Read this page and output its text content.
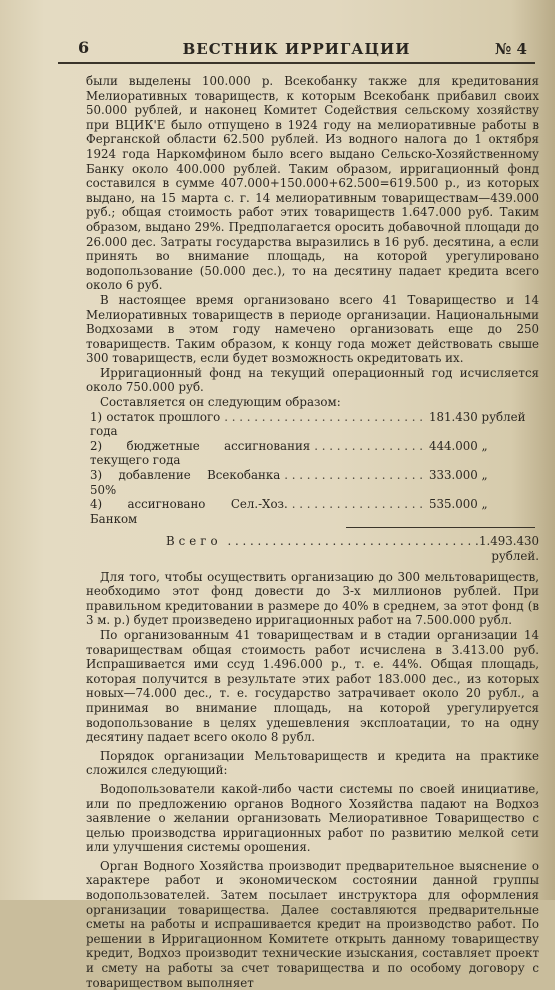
6	ВЕСТНИК ИРРИГАЦИИ	№ 4

были выделены 100.000 р. Всекобанку также для кредитования Мелиоративных товариществ, к которым Всекобанк прибавил своих 50.000 рублей, и наконец Комитет Содействия сельскому хозяйству при ВЦИК'Е было отпущено в 1924 году на мелиоративные работы в Ферганской области 62.500 рублей. Из водного налога до 1 октября 1924 года Наркомфином было всего выдано Сельско-Хозяйственному Банку около 400.000 рублей. Таким образом, ирригационный фонд составился в сумме 407.000+150.000+62.500=619.500 р., из которых выдано, на 15 марта с. г. 14 мелиоративным товариществам—439.000 руб.; общая стоимость работ этих товариществ 1.647.000 руб. Таким образом, выдано 29%. Предполагается оросить добавочной площади до 26.000 дес. Затраты государства выразились в 16 руб. десятина, а если принять во внимание площадь, на которой урегулировано водопользование (50.000 дес.), то на десятину падает кредита всего около 6 руб.

В настоящее время организовано всего 41 Товарищество и 14 Мелиоративных товариществ в периоде организации. Национальными Водхозами в этом году намечено организовать еще до 250 товариществ. Таким образом, к концу года может действовать свыше 300 товариществ, если будет возможность окредитовать их.

Ирригационный фонд на текущий операционный год исчисляется около 750.000 руб.

Составляется он следующим образом:

1) остаток прошлого года
. . . . . . . . . . . . . . . . . . . . . . . . . . . 181.430 рублей
2) бюджетные ассигнования текущего года
. . . . . . . . . . . . . . . 444.000 „
3) добавление Всекобанка 50%
. . . . . . . . . . . . . . . . . . . 333.000 „
4) ассигновано Сел.-Хоз. Банком
. . . . . . . . . . . . . . . . . . 535.000 „
Всего . . . . . . . . . . . . . . . . . . . . . . . . . . . . . . . . . . 1.493.430 рублей.

Для того, чтобы осуществить организацию до 300 мельтовариществ, необходимо этот фонд довести до 3-х миллионов рублей. При правильном кредитовании в размере до 40% в среднем, за этот фонд (в 3 м. р.) будет произведено ирригационных работ на 7.500.000 рубл.

По организованным 41 товариществам и в стадии организации 14 товариществам общая стоимость работ исчислена в 3.413.00 руб. Испрашивается ими ссуд 1.496.000 р., т. е. 44%. Общая площадь, которая получится в результате этих работ 183.000 дес., из которых новых—74.000 дес., т. е. государство затрачивает около 20 рубл., а принимая во внимание площадь, на которой урегулируется водопользование в целях удешевления эксплоатации, то на одну десятину падает всего около 8 рубл.

Порядок организации Мельтовариществ и кредита на практике сложился следующий:

Водопользователи какой-либо части системы по своей инициативе, или по предложению органов Водного Хозяйства падают на Водхоз заявление о желании организовать Мелиоративное Товарищество с целью производства ирригационных работ по развитию мелкой сети или улучшения системы орошения.

Орган Водного Хозяйства производит предварительное выяснение о характере работ и экономическом состоянии данной группы водопользователей. Затем посылает инструктора для оформления организации товарищества. Далее составляются предварительные сметы на работы и испрашивается кредит на производство работ. По решении в Ирригационном Комитете открыть данному товариществу кредит, Водхоз производит технические изыскания, составляет проект и смету на работы за счет товарищества и по особому договору с товариществом выполняет
